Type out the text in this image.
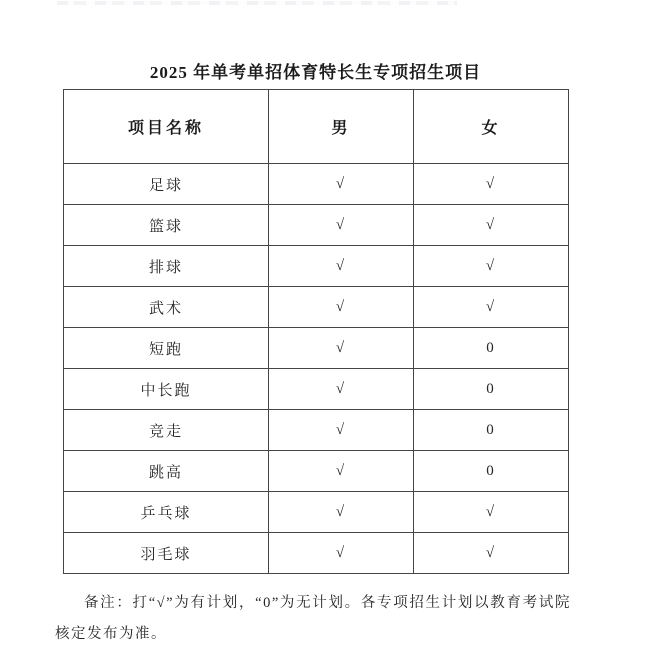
2025 年单考单招体育特长生专项招生项目
项目名称	男	女
足球	√	√
篮球	√	√
排球	√	√
武术	√	√
短跑	√	0
中长跑	√	0
竞走	√	0
跳高	√	0
乒乓球	√	√
羽毛球	√	√

备注：打“√”为有计划，“0”为无计划。各专项招生计划以教育考试院核定发布为准。
